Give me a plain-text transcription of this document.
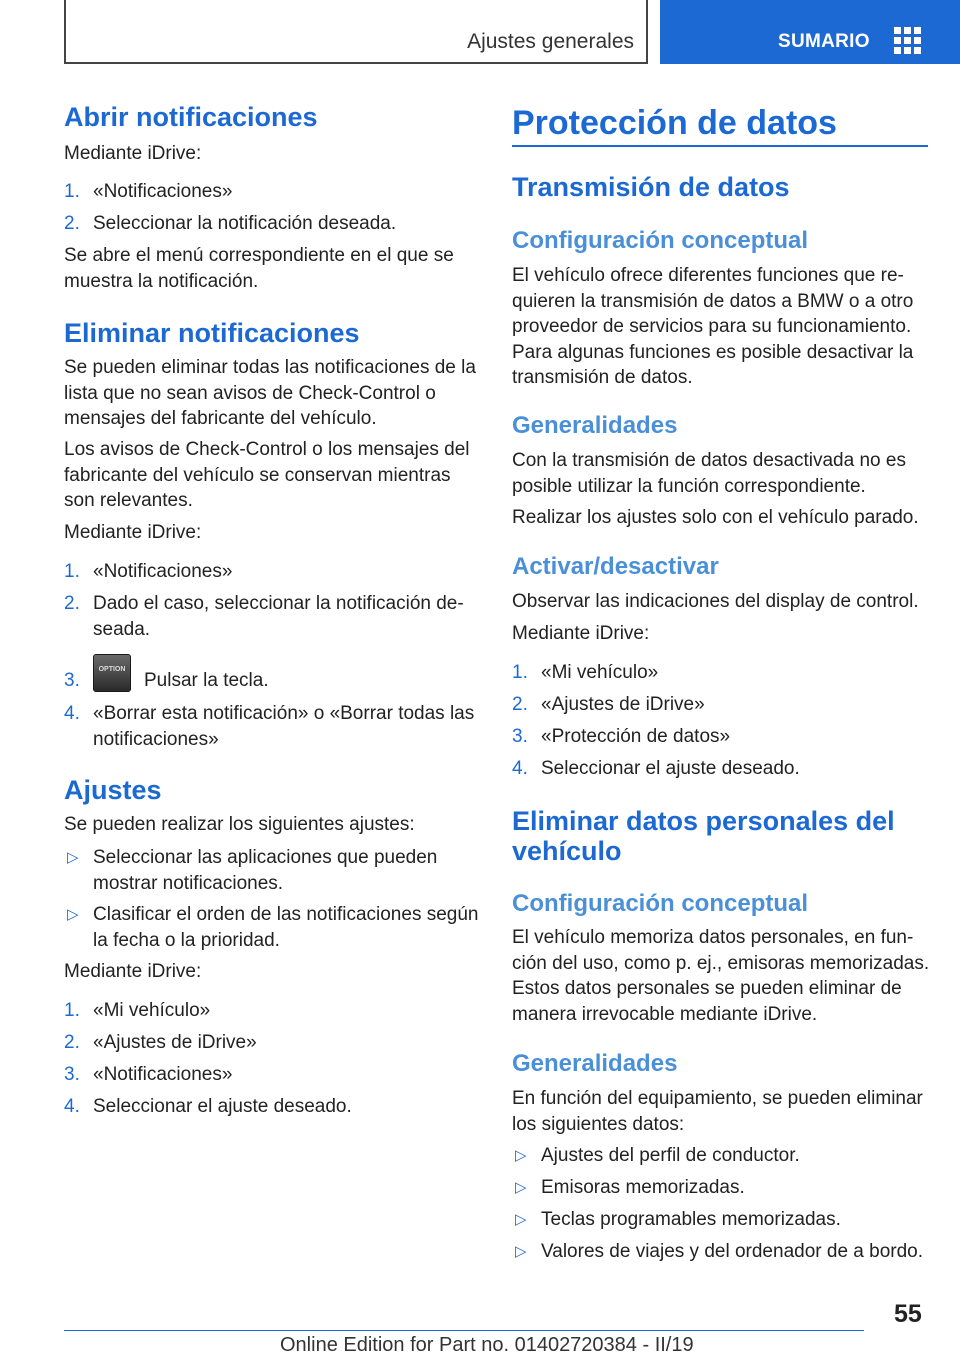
Ajustes generales	SUMARIO
Abrir notificaciones

Mediante iDrive:

1. «Notificaciones»
2. Seleccionar la notificación deseada.

Se abre el menú correspondiente en el que se muestra la notificación.

Eliminar notificaciones

Se pueden eliminar todas las notificaciones de la lista que no sean avisos de Check-Control o mensajes del fabricante del vehículo.

Los avisos de Check-Control o los mensajes del fabricante del vehículo se conservan mientras son relevantes.

Mediante iDrive:

1. «Notificaciones»
2. Dado el caso, seleccionar la notificación de-seada.
3.
OPTION
Pulsar la tecla.
4. «Borrar esta notificación» o «Borrar todas las notificaciones»
Ajustes

Se pueden realizar los siguientes ajustes:

▷ Seleccionar las aplicaciones que pueden mostrar notificaciones.
▷ Clasificar el orden de las notificaciones según la fecha o la prioridad.

Mediante iDrive:

1. «Mi vehículo»
2. «Ajustes de iDrive»
3. «Notificaciones»
4. Seleccionar el ajuste deseado.
Protección de datos
Transmisión de datos
Configuración conceptual

El vehículo ofrece diferentes funciones que re-quieren la transmisión de datos a BMW o a otro proveedor de servicios para su funcionamiento. Para algunas funciones es posible desactivar la transmisión de datos.

Generalidades

Con la transmisión de datos desactivada no es posible utilizar la función correspondiente.

Realizar los ajustes solo con el vehículo parado.

Activar/desactivar

Observar las indicaciones del display de control.

Mediante iDrive:

1. «Mi vehículo»
2. «Ajustes de iDrive»
3. «Protección de datos»
4. Seleccionar el ajuste deseado.
Eliminar datos personales del vehículo
Configuración conceptual

El vehículo memoriza datos personales, en fun-ción del uso, como p. ej., emisoras memorizadas. Estos datos personales se pueden eliminar de manera irrevocable mediante iDrive.

Generalidades

En función del equipamiento, se pueden eliminar los siguientes datos:

▷ Ajustes del perfil de conductor.
▷ Emisoras memorizadas.
▷ Teclas programables memorizadas.
▷ Valores de viajes y del ordenador de a bordo.
55
Online Edition for Part no. 01402720384 - II/19
